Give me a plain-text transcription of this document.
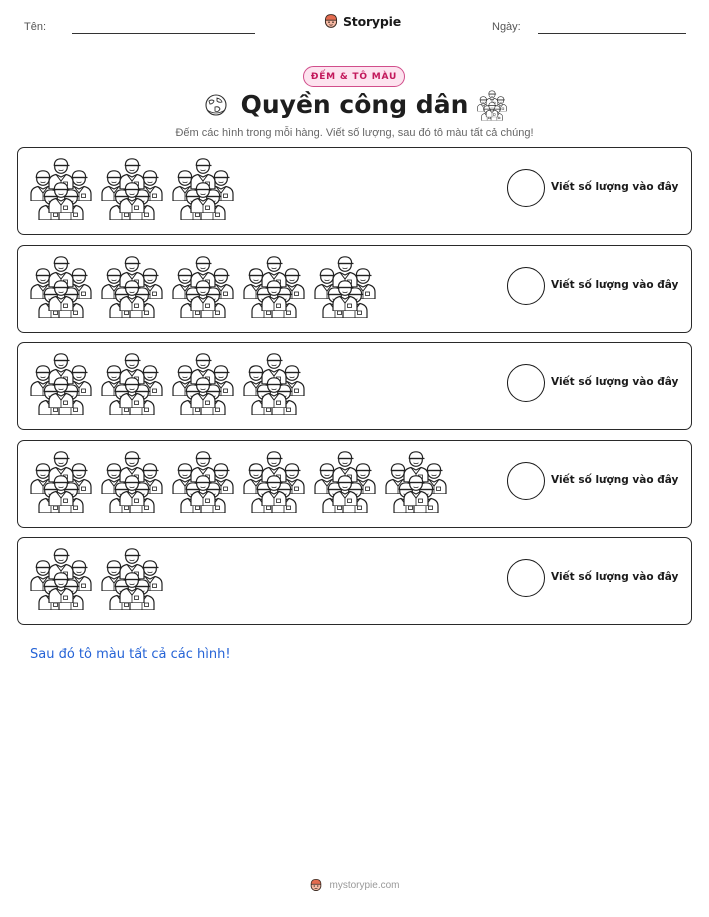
Tên:	Storypie	Ngày:
ĐẾM & TÔ MÀU
Quyền công dân
Đếm các hình trong mỗi hàng. Viết số lượng, sau đó tô màu tất cả chúng!
Viết số lượng vào đây
Viết số lượng vào đây
Viết số lượng vào đây
Viết số lượng vào đây
Viết số lượng vào đây
Sau đó tô màu tất cả các hình!
mystorypie.com
